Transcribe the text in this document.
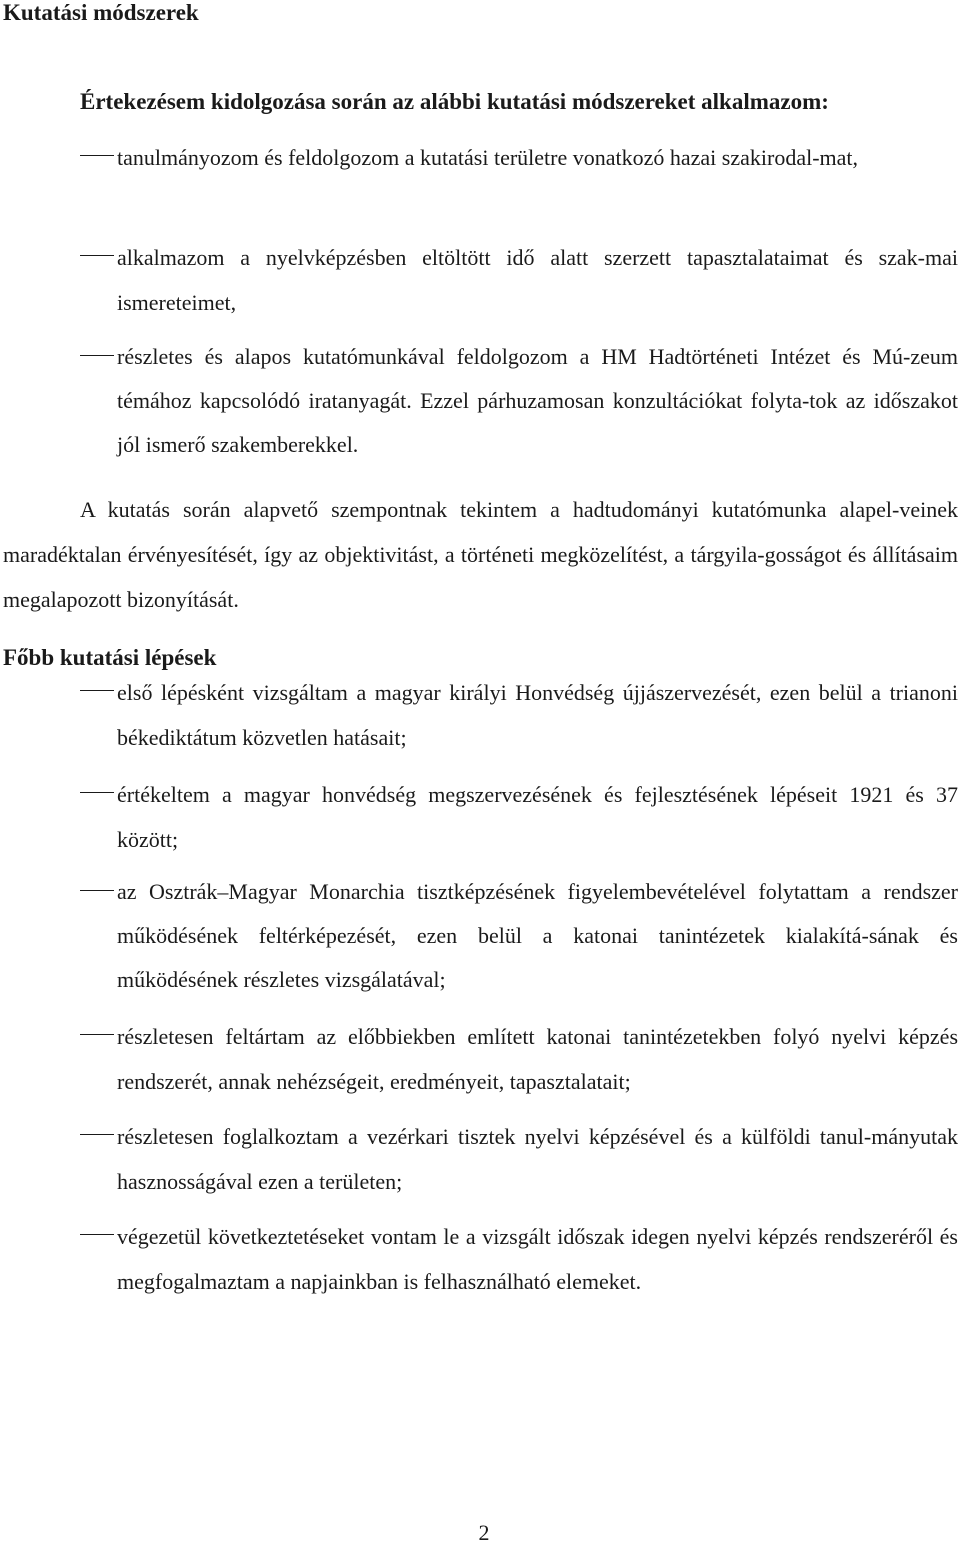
Kutatási módszerek
Értekezésem kidolgozása során az alábbi kutatási módszereket alkalmazom:
tanulmányozom és feldolgozom a kutatási területre vonatkozó hazai szakirodal-mat,
alkalmazom a nyelvképzésben eltöltött idő alatt szerzett tapasztalataimat és szak-mai ismereteimet,
részletes és alapos kutatómunkával feldolgozom a HM Hadtörténeti Intézet és Mú-zeum témához kapcsolódó iratanyagát. Ezzel párhuzamosan konzultációkat folyta-tok az időszakot jól ismerő szakemberekkel.
A kutatás során alapvető szempontnak tekintem a hadtudományi kutatómunka alapel-veinek maradéktalan érvényesítését, így az objektivitást, a történeti megközelítést, a tárgyila-gosságot és állításaim megalapozott bizonyítását.
Főbb kutatási lépések
első lépésként vizsgáltam a magyar királyi Honvédség újjászervezését, ezen belül a trianoni békediktátum közvetlen hatásait;
értékeltem a magyar honvédség megszervezésének és fejlesztésének lépéseit 1921 és 37 között;
az Osztrák–Magyar Monarchia tisztképzésének figyelembevételével folytattam a rendszer működésének feltérképezését, ezen belül a katonai tanintézetek kialakítá-sának és működésének részletes vizsgálatával;
részletesen feltártam az előbbiekben említett katonai tanintézetekben folyó nyelvi képzés rendszerét, annak nehézségeit, eredményeit, tapasztalatait;
részletesen foglalkoztam a vezérkari tisztek nyelvi képzésével és a külföldi tanul-mányutak hasznosságával ezen a területen;
végezetül következtetéseket vontam le a vizsgált időszak idegen nyelvi képzés rendszeréről és megfogalmaztam a napjainkban is felhasználható elemeket.
2
